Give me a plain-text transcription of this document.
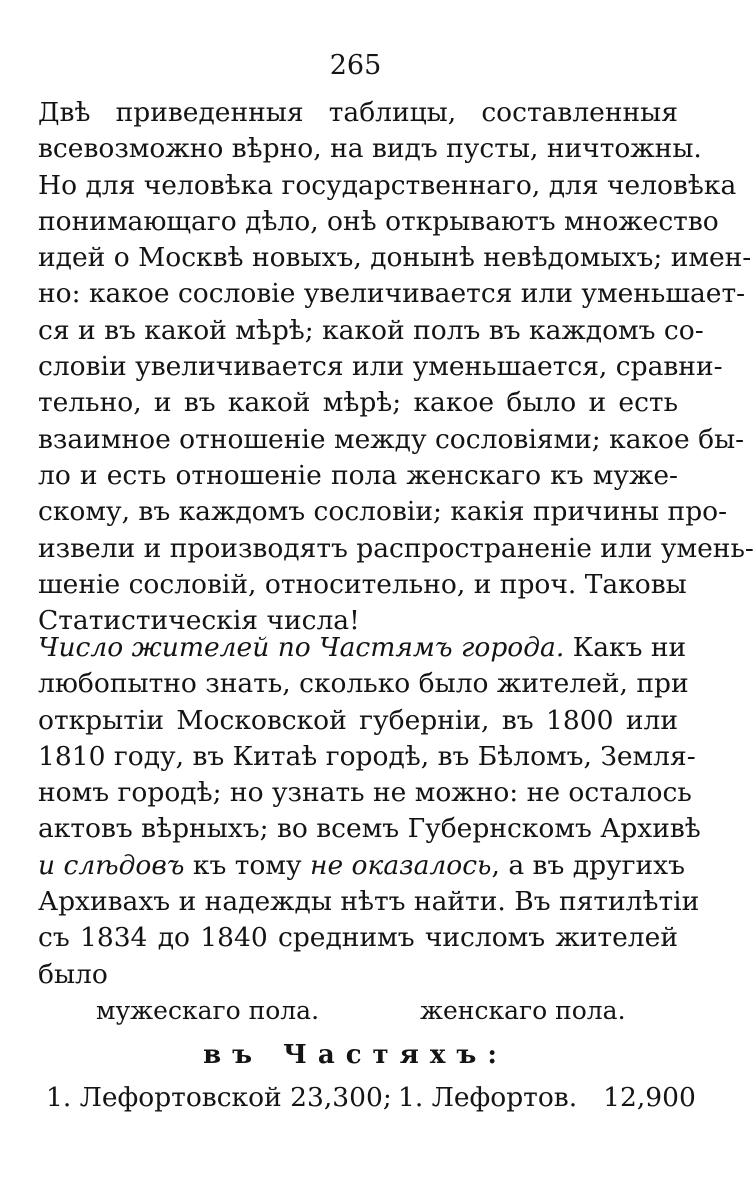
265
Двѣ приведенныя таблицы, составленныя
всевозможно вѣрно, на видъ пусты, ничтожны.
Но для человѣка государственнаго, для человѣка
понимающаго дѣло, онѣ открываютъ множество
идей о Москвѣ новыхъ, донынѣ невѣдомыхъ; имен-
но: какое сословіе увеличивается или уменьшает-
ся и въ какой мѣрѣ; какой полъ въ каждомъ со-
словіи увеличивается или уменьшается, сравни-
тельно, и въ какой мѣрѣ; какое было и есть
взаимное отношеніе между сословіями; какое бы-
ло и есть отношеніе пола женскаго къ муже-
скому, въ каждомъ сословіи; какія причины про-
извели и производятъ распространеніе или умень-
шеніе сословій, относительно, и проч. Таковы
Статистическія числа!
Число жителей по Частямъ города. Какъ ни
любопытно знать, сколько было жителей, при
открытіи Московской губерніи, въ 1800 или
1810 году, въ Китаѣ городѣ, въ Бѣломъ, Земля-
номъ городѣ; но узнать не можно: не осталось
актовъ вѣрныхъ; во всемъ Губернскомъ Архивѣ
и слѣдовъ къ тому не оказалось, а въ другихъ
Архивахъ и надежды нѣтъ найти. Въ пятилѣтіи
съ 1834 до 1840 среднимъ числомъ жителей
было
мужескаго пола.	женскаго пола.
въ Частяхъ:
1. Лефортовской 23,300; 1. Лефортов. 12,900
